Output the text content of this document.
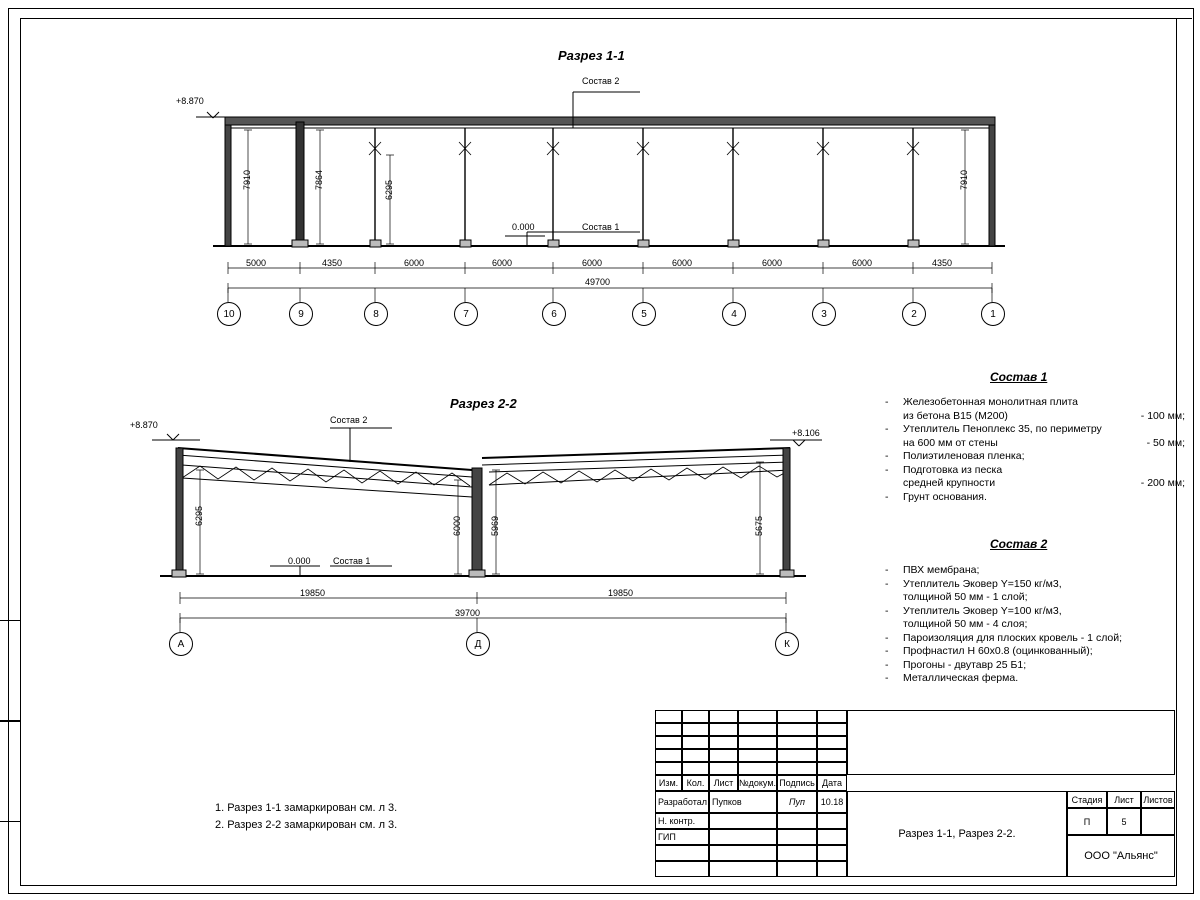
Разрез 1-1
+8.870
Состав 2
Состав 1
0.000
7910	7864	6295	7910
5000	4350	6000	6000	6000	6000	6000	6000	4350
49700
10	9	8	7	6	5	4	3	2	1
Разрез 2-2
+8.870
+8.106
Состав 2
Состав 1
0.000
6295	6000	5969	5675
19850	19850
39700
А	Д	К
Состав 1
-	Железобетонная монолитная плита
из бетона В15 (М200)	- 100 мм;
-	Утеплитель Пеноплекс 35, по периметру
на 600 мм от стены	- 50 мм;
-	Полиэтиленовая пленка;
-	Подготовка из песка
средней крупности	- 200 мм;
-	Грунт основания.
Состав 2
-	ПВХ мембрана;
-	Утеплитель Эковер Y=150 кг/м3,
толщиной 50 мм - 1 слой;
-	Утеплитель Эковер Y=100 кг/м3,
толщиной 50 мм - 4 слоя;
-	Пароизоляция для плоских кровель - 1 слой;
-	Профнастил Н 60х0.8 (оцинкованный);
-	Прогоны - двутавр 25 Б1;
-	Металлическая ферма.
1. Разрез 1-1 замаркирован см. л 3.
2. Разрез 2-2 замаркирован см. л 3.
Изм. Кол.	Лист №докум. Подпись Дата
Разработал Пупков	Пуп	10.18
Н. контр.
ГИП	Разрез 1-1, Разрез 2-2.
Стадия	Лист	Листов
П	5
ООО "Альянс"
